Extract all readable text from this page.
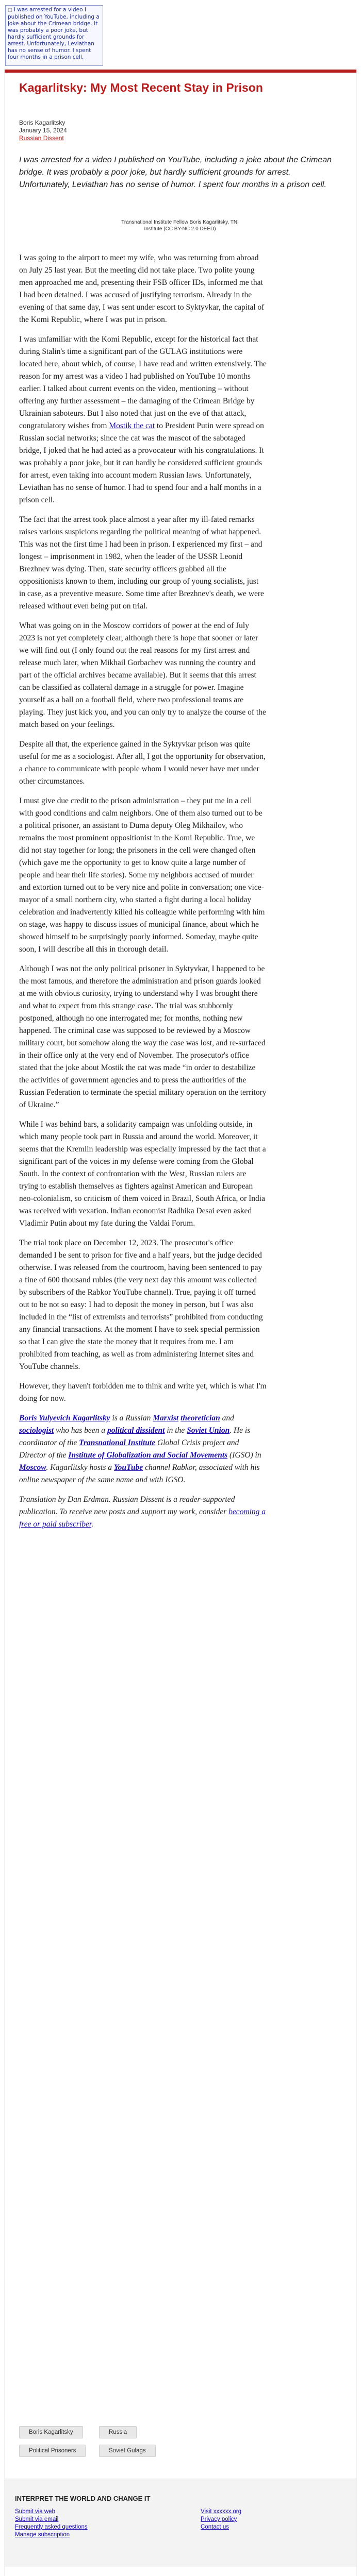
□ I was arrested for a video I published on YouTube, including a joke about the Crimean bridge. It was probably a poor joke, but hardly sufficient grounds for arrest. Unfortunately, Leviathan has no sense of humor. I spent four months in a prison cell.
Kagarlitsky: My Most Recent Stay in Prison
Boris Kagarlitsky
January 15, 2024
Russian Dissent

I was arrested for a video I published on YouTube, including a joke about the Crimean bridge. It was probably a poor joke, but hardly sufficient grounds for arrest. Unfortunately, Leviathan has no sense of humor. I spent four months in a prison cell.

Transnational Institute Fellow Boris Kagarlitsky, TNI Institute (CC BY-NC 2.0 DEED)

I was going to the airport to meet my wife, who was returning from abroad on July 25 last year. But the meeting did not take place. Two polite young men approached me and, presenting their FSB officer IDs, informed me that I had been detained. I was accused of justifying terrorism. Already in the evening of that same day, I was sent under escort to Syktyvkar, the capital of the Komi Republic, where I was put in prison.

I was unfamiliar with the Komi Republic, except for the historical fact that during Stalin's time a significant part of the GULAG institutions were located here, about which, of course, I have read and written extensively. The reason for my arrest was a video I had published on YouTube 10 months earlier. I talked about current events on the video, mentioning – without offering any further assessment – the damaging of the Crimean Bridge by Ukrainian saboteurs. But I also noted that just on the eve of that attack, congratulatory wishes from Mostik the cat to President Putin were spread on Russian social networks; since the cat was the mascot of the sabotaged bridge, I joked that he had acted as a provocateur with his congratulations. It was probably a poor joke, but it can hardly be considered sufficient grounds for arrest, even taking into account modern Russian laws. Unfortunately, Leviathan has no sense of humor. I had to spend four and a half months in a prison cell.

The fact that the arrest took place almost a year after my ill-fated remarks raises various suspicions regarding the political meaning of what happened. This was not the first time I had been in prison. I experienced my first – and longest – imprisonment in 1982, when the leader of the USSR Leonid Brezhnev was dying. Then, state security officers grabbed all the oppositionists known to them, including our group of young socialists, just in case, as a preventive measure. Some time after Brezhnev's death, we were released without even being put on trial.

What was going on in the Moscow corridors of power at the end of July 2023 is not yet completely clear, although there is hope that sooner or later we will find out (I only found out the real reasons for my first arrest and release much later, when Mikhail Gorbachev was running the country and part of the official archives became available). But it seems that this arrest can be classified as collateral damage in a struggle for power. Imagine yourself as a ball on a football field, where two professional teams are playing. They just kick you, and you can only try to analyze the course of the match based on your feelings.

Despite all that, the experience gained in the Syktyvkar prison was quite useful for me as a sociologist. After all, I got the opportunity for observation, a chance to communicate with people whom I would never have met under other circumstances.

I must give due credit to the prison administration – they put me in a cell with good conditions and calm neighbors. One of them also turned out to be a political prisoner, an assistant to Duma deputy Oleg Mikhailov, who remains the most prominent oppositionist in the Komi Republic. True, we did not stay together for long; the prisoners in the cell were changed often (which gave me the opportunity to get to know quite a large number of people and hear their life stories). Some my neighbors accused of murder and extortion turned out to be very nice and polite in conversation; one vice-mayor of a small northern city, who started a fight during a local holiday celebration and inadvertently killed his colleague while performing with him on stage, was happy to discuss issues of municipal finance, about which he showed himself to be surprisingly poorly informed. Someday, maybe quite soon, I will describe all this in thorough detail.

Although I was not the only political prisoner in Syktyvkar, I happened to be the most famous, and therefore the administration and prison guards looked at me with obvious curiosity, trying to understand why I was brought there and what to expect from this strange case. The trial was stubbornly postponed, although no one interrogated me; for months, nothing new happened. The criminal case was supposed to be reviewed by a Moscow military court, but somehow along the way the case was lost, and re-surfaced in their office only at the very end of November. The prosecutor's office stated that the joke about Mostik the cat was made “in order to destabilize the activities of government agencies and to press the authorities of the Russian Federation to terminate the special military operation on the territory of Ukraine.”

While I was behind bars, a solidarity campaign was unfolding outside, in which many people took part in Russia and around the world. Moreover, it seems that the Kremlin leadership was especially impressed by the fact that a significant part of the voices in my defense were coming from the Global South. In the context of confrontation with the West, Russian rulers are trying to establish themselves as fighters against American and European neo-colonialism, so criticism of them voiced in Brazil, South Africa, or India was received with vexation. Indian economist Radhika Desai even asked Vladimir Putin about my fate during the Valdai Forum.

The trial took place on December 12, 2023. The prosecutor's office demanded I be sent to prison for five and a half years, but the judge decided otherwise. I was released from the courtroom, having been sentenced to pay a fine of 600 thousand rubles (the very next day this amount was collected by subscribers of the Rabkor YouTube channel). True, paying it off turned out to be not so easy: I had to deposit the money in person, but I was also included in the “list of extremists and terrorists” prohibited from conducting any financial transactions. At the moment I have to seek special permission so that I can give the state the money that it requires from me. I am prohibited from teaching, as well as from administering Internet sites and YouTube channels.

However, they haven't forbidden me to think and write yet, which is what I'm doing for now.

Boris Yulyevich Kagarlitsky is a Russian Marxist theoretician and sociologist who has been a political dissident in the Soviet Union. He is coordinator of the Transnational Institute Global Crisis project and Director of the Institute of Globalization and Social Movements (IGSO) in Moscow. Kagarlitsky hosts a YouTube channel Rabkor, associated with his online newspaper of the same name and with IGSO.

Translation by Dan Erdman. Russian Dissent is a reader-supported publication. To receive new posts and support my work, consider becoming a free or paid subscriber.

Boris Kagarlitsky	Russia
Political Prisoners	Soviet Gulags
INTERPRET THE WORLD AND CHANGE IT
Submit via web
Submit via email
Frequently asked questions
Manage subscription
Visit xxxxxx.org
Privacy policy
Contact us
